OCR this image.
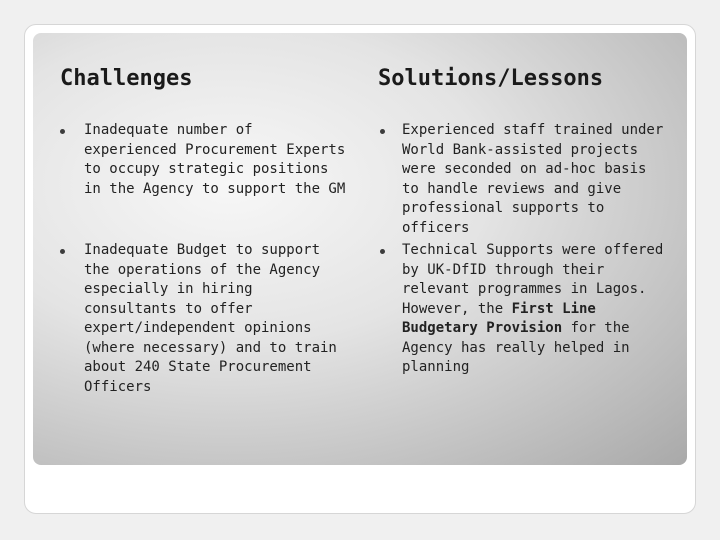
Challenges	Solutions/Lessons
Inadequate number of experienced Procurement Experts to occupy strategic positions in the Agency to support the GM
Inadequate Budget to support the operations of the Agency especially in hiring consultants to offer expert/independent opinions (where necessary) and to train about 240 State Procurement Officers
Experienced staff trained under World Bank-assisted projects were seconded on ad-hoc basis to handle reviews and give professional supports to officers
Technical Supports were offered by UK-DfID through their relevant programmes in Lagos. However, the First Line Budgetary Provision for the Agency has really helped in planning
